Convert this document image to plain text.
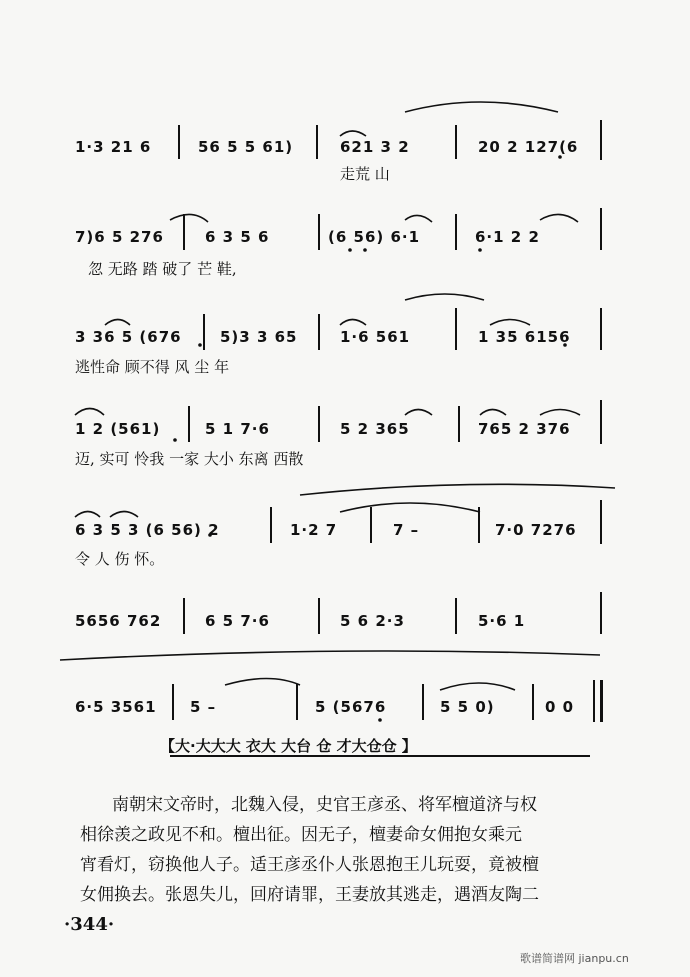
1·3 21 6	56 5 5 61)	621 3 2	20 2 127(6
走荒 山
7)6 5 276	6 3 5 6	(6 56) 6·1	6·1 2 2
忽 无路 踏 破了 芒 鞋,
3 36 5 (676	5)3 3 65	1·6 561	1 35 6156
逃性命 顾不得 风 尘 年
1 2 (561)	5 1 7·6	5 2 365	765 2 376
迈, 实可 怜我 一家 大小 东离 西散
6 3 5 3 (6 56) 2	1·2 7	7 –	7·0 7276
令 人 伤 怀。
5656 762	6 5 7·6	5 6 2·3	5·6 1
6·5 3561 5 –	5 (5676	5 5 0)	0 0
【大·大大大 衣大 大台 仓 才大仓仓 】

南朝宋文帝时，北魏入侵，史官王彦丞、将军檀道济与权

相徐羡之政见不和。檀出征。因无子，檀妻命女佣抱女乘元
宵看灯，窃换他人子。适王彦丞仆人张恩抱王儿玩耍，竟被檀
女佣换去。张恩失儿，回府请罪，王妻放其逃走，遇酒友陶二
·344·
歌谱简谱网 jianpu.cn
